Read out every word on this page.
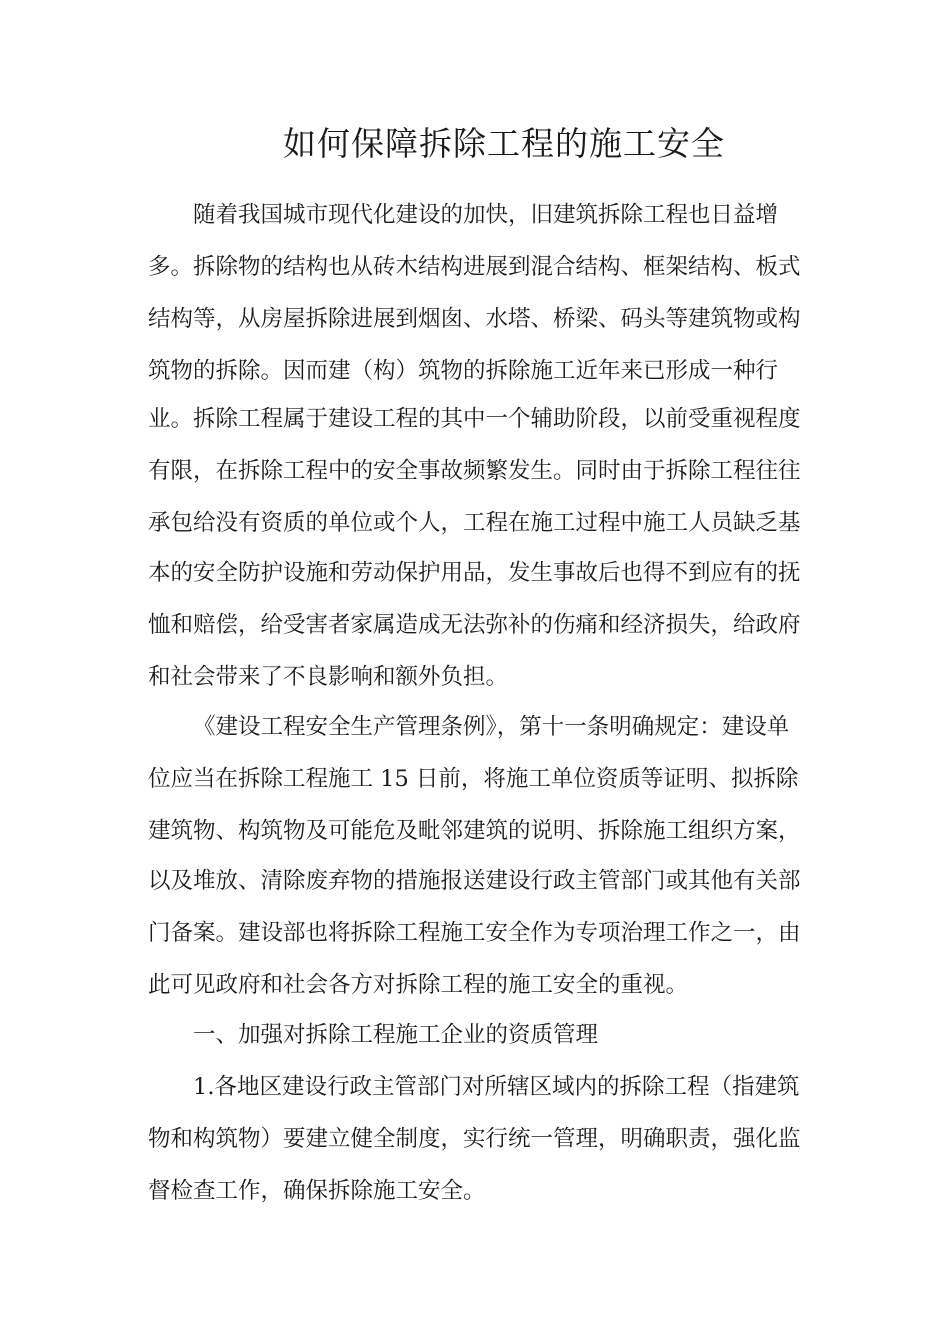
如何保障拆除工程的施工安全
随着我国城市现代化建设的加快，旧建筑拆除工程也日益增
多。拆除物的结构也从砖木结构进展到混合结构、框架结构、板式
结构等，从房屋拆除进展到烟囱、水塔、桥梁、码头等建筑物或构
筑物的拆除。因而建（构）筑物的拆除施工近年来已形成一种行
业。拆除工程属于建设工程的其中一个辅助阶段，以前受重视程度
有限，在拆除工程中的安全事故频繁发生。同时由于拆除工程往往
承包给没有资质的单位或个人，工程在施工过程中施工人员缺乏基
本的安全防护设施和劳动保护用品，发生事故后也得不到应有的抚
恤和赔偿，给受害者家属造成无法弥补的伤痛和经济损失，给政府
和社会带来了不良影响和额外负担。
《建设工程安全生产管理条例》，第十一条明确规定：建设单
位应当在拆除工程施工 15 日前，将施工单位资质等证明、拟拆除
建筑物、构筑物及可能危及毗邻建筑的说明、拆除施工组织方案，
以及堆放、清除废弃物的措施报送建设行政主管部门或其他有关部
门备案。建设部也将拆除工程施工安全作为专项治理工作之一，由
此可见政府和社会各方对拆除工程的施工安全的重视。
一、加强对拆除工程施工企业的资质管理
1.各地区建设行政主管部门对所辖区域内的拆除工程（指建筑
物和构筑物）要建立健全制度，实行统一管理，明确职责，强化监
督检查工作，确保拆除施工安全。
